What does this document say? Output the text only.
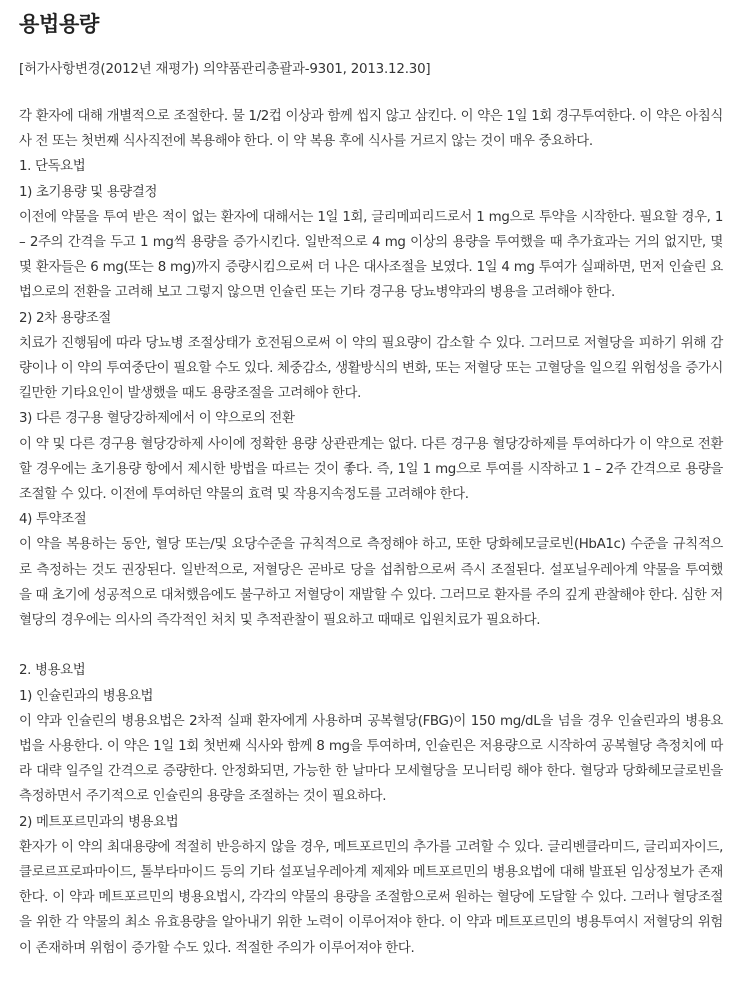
용법용량
[허가사항변경(2012년 재평가) 의약품관리총괄과-9301, 2013.12.30]

각 환자에 대해 개별적으로 조절한다. 물 1/2컵 이상과 함께 씹지 않고 삼킨다. 이 약은 1일 1회 경구투여한다. 이 약은 아침식사 전 또는 첫번째 식사직전에 복용해야 한다. 이 약 복용 후에 식사를 거르지 않는 것이 매우 중요하다.

1. 단독요법

1) 초기용량 및 용량결정

이전에 약물을 투여 받은 적이 없는 환자에 대해서는 1일 1회, 글리메피리드로서 1 mg으로 투약을 시작한다. 필요할 경우, 1 – 2주의 간격을 두고 1 mg씩 용량을 증가시킨다. 일반적으로 4 mg 이상의 용량을 투여했을 때 추가효과는 거의 없지만, 몇몇 환자들은 6 mg(또는 8 mg)까지 증량시킴으로써 더 나은 대사조절을 보였다. 1일 4 mg 투여가 실패하면, 먼저 인슐린 요법으로의 전환을 고려해 보고 그렇지 않으면 인슐린 또는 기타 경구용 당뇨병약과의 병용을 고려해야 한다.

2) 2차 용량조절

치료가 진행됨에 따라 당뇨병 조절상태가 호전됨으로써 이 약의 필요량이 감소할 수 있다. 그러므로 저혈당을 피하기 위해 감량이나 이 약의 투여중단이 필요할 수도 있다. 체중감소, 생활방식의 변화, 또는 저혈당 또는 고혈당을 일으킬 위험성을 증가시킬만한 기타요인이 발생했을 때도 용량조절을 고려해야 한다.

3) 다른 경구용 혈당강하제에서 이 약으로의 전환

이 약 및 다른 경구용 혈당강하제 사이에 정확한 용량 상관관계는 없다. 다른 경구용 혈당강하제를 투여하다가 이 약으로 전환할 경우에는 초기용량 항에서 제시한 방법을 따르는 것이 좋다. 즉, 1일 1 mg으로 투여를 시작하고 1 – 2주 간격으로 용량을 조절할 수 있다. 이전에 투여하던 약물의 효력 및 작용지속정도를 고려해야 한다.

4) 투약조절

이 약을 복용하는 동안, 혈당 또는/및 요당수준을 규칙적으로 측정해야 하고, 또한 당화헤모글로빈(HbA1c) 수준을 규칙적으로 측정하는 것도 권장된다. 일반적으로, 저혈당은 곧바로 당을 섭취함으로써 즉시 조절된다. 설포닐우레아계 약물을 투여했을 때 초기에 성공적으로 대처했음에도 불구하고 저혈당이 재발할 수 있다. 그러므로 환자를 주의 깊게 관찰해야 한다. 심한 저혈당의 경우에는 의사의 즉각적인 처치 및 추적관찰이 필요하고 때때로 입원치료가 필요하다.

2. 병용요법

1) 인슐린과의 병용요법

이 약과 인슐린의 병용요법은 2차적 실패 환자에게 사용하며 공복혈당(FBG)이 150 mg/dL을 넘을 경우 인슐린과의 병용요법을 사용한다. 이 약은 1일 1회 첫번째 식사와 함께 8 mg을 투여하며, 인슐린은 저용량으로 시작하여 공복혈당 측정치에 따라 대략 일주일 간격으로 증량한다. 안정화되면, 가능한 한 날마다 모세혈당을 모니터링 해야 한다. 혈당과 당화헤모글로빈을 측정하면서 주기적으로 인슐린의 용량을 조절하는 것이 필요하다.

2) 메트포르민과의 병용요법

환자가 이 약의 최대용량에 적절히 반응하지 않을 경우, 메트포르민의 추가를 고려할 수 있다. 글리벤클라미드, 글리피자이드, 클로르프로파마이드, 톨부타마이드 등의 기타 설포닐우레아계 제제와 메트포르민의 병용요법에 대해 발표된 임상정보가 존재한다. 이 약과 메트포르민의 병용요법시, 각각의 약물의 용량을 조절함으로써 원하는 혈당에 도달할 수 있다. 그러나 혈당조절을 위한 각 약물의 최소 유효용량을 알아내기 위한 노력이 이루어져야 한다. 이 약과 메트포르민의 병용투여시 저혈당의 위험이 존재하며 위험이 증가할 수도 있다. 적절한 주의가 이루어져야 한다.
